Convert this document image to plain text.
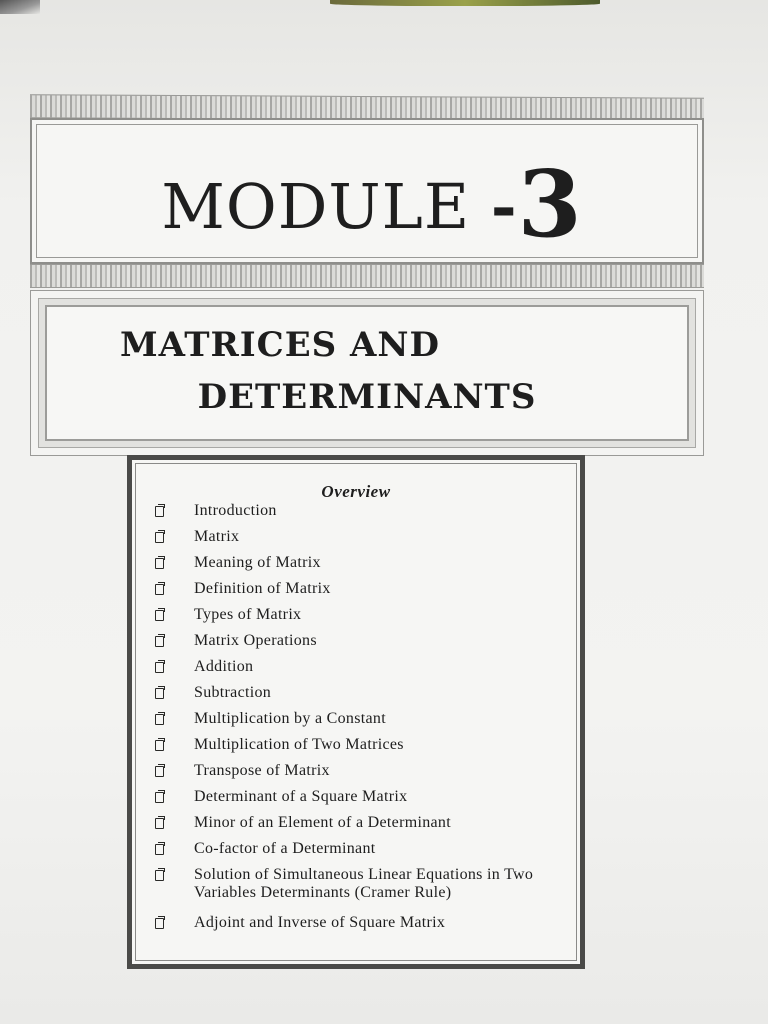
MODULE -3
MATRICES AND
DETERMINANTS
Overview
Introduction
Matrix
Meaning of Matrix
Definition of Matrix
Types of Matrix
Matrix Operations
Addition
Subtraction
Multiplication by a Constant
Multiplication of Two Matrices
Transpose of Matrix
Determinant of a Square Matrix
Minor of an Element of a Determinant
Co-factor of a Determinant
Solution of Simultaneous Linear Equations in Two Variables Determinants (Cramer Rule)
Adjoint and Inverse of Square Matrix
